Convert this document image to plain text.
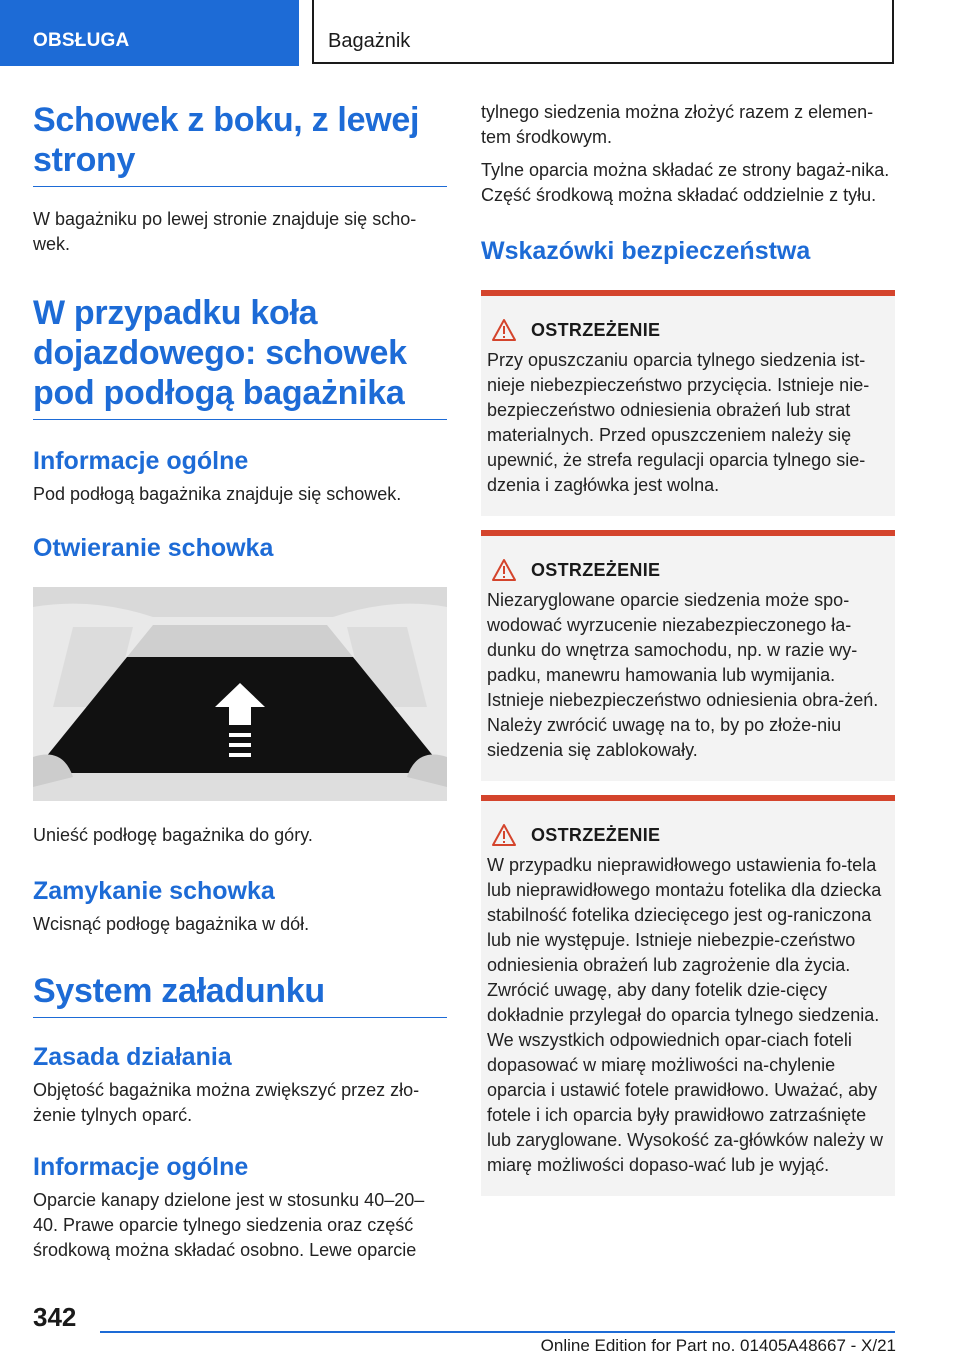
OBSŁUGA	Bagażnik
Schowek z boku, z lewej strony

W bagażniku po lewej stronie znajduje się scho-wek.

W przypadku koła dojazdowego: schowek pod podłogą bagażnika
Informacje ogólne

Pod podłogą bagażnika znajduje się schowek.

Otwieranie schowka

Unieść podłogę bagażnika do góry.

Zamykanie schowka

Wcisnąć podłogę bagażnika w dół.

System załadunku
Zasada działania

Objętość bagażnika można zwiększyć przez zło-żenie tylnych oparć.

Informacje ogólne

Oparcie kanapy dzielone jest w stosunku 40–20–40. Prawe oparcie tylnego siedzenia oraz część środkową można składać osobno. Lewe oparcie

tylnego siedzenia można złożyć razem z elemen-tem środkowym.

Tylne oparcia można składać ze strony bagaż-nika. Część środkową można składać oddzielnie z tyłu.

Wskazówki bezpieczeństwa
OSTRZEŻENIE

Przy opuszczaniu oparcia tylnego siedzenia ist-nieje niebezpieczeństwo przycięcia. Istnieje nie-bezpieczeństwo odniesienia obrażeń lub strat materialnych. Przed opuszczeniem należy się upewnić, że strefa regulacji oparcia tylnego sie-dzenia i zagłówka jest wolna.

OSTRZEŻENIE

Niezaryglowane oparcie siedzenia może spo-wodować wyrzucenie niezabezpieczonego ła-dunku do wnętrza samochodu, np. w razie wy-padku, manewru hamowania lub wymijania. Istnieje niebezpieczeństwo odniesienia obra-żeń. Należy zwrócić uwagę na to, by po złoże-niu siedzenia się zablokowały.

OSTRZEŻENIE

W przypadku nieprawidłowego ustawienia fo-tela lub nieprawidłowego montażu fotelika dla dziecka stabilność fotelika dziecięcego jest og-raniczona lub nie występuje. Istnieje niebezpie-czeństwo odniesienia obrażeń lub zagrożenie dla życia. Zwrócić uwagę, aby dany fotelik dzie-cięcy dokładnie przylegał do oparcia tylnego siedzenia. We wszystkich odpowiednich opar-ciach foteli dopasować w miarę możliwości na-chylenie oparcia i ustawić fotele prawidłowo. Uważać, aby fotele i ich oparcia były prawidłowo zatrzaśnięte lub zaryglowane. Wysokość za-główków należy w miarę możliwości dopaso-wać lub je wyjąć.

342
Online Edition for Part no. 01405A48667 - X/21
